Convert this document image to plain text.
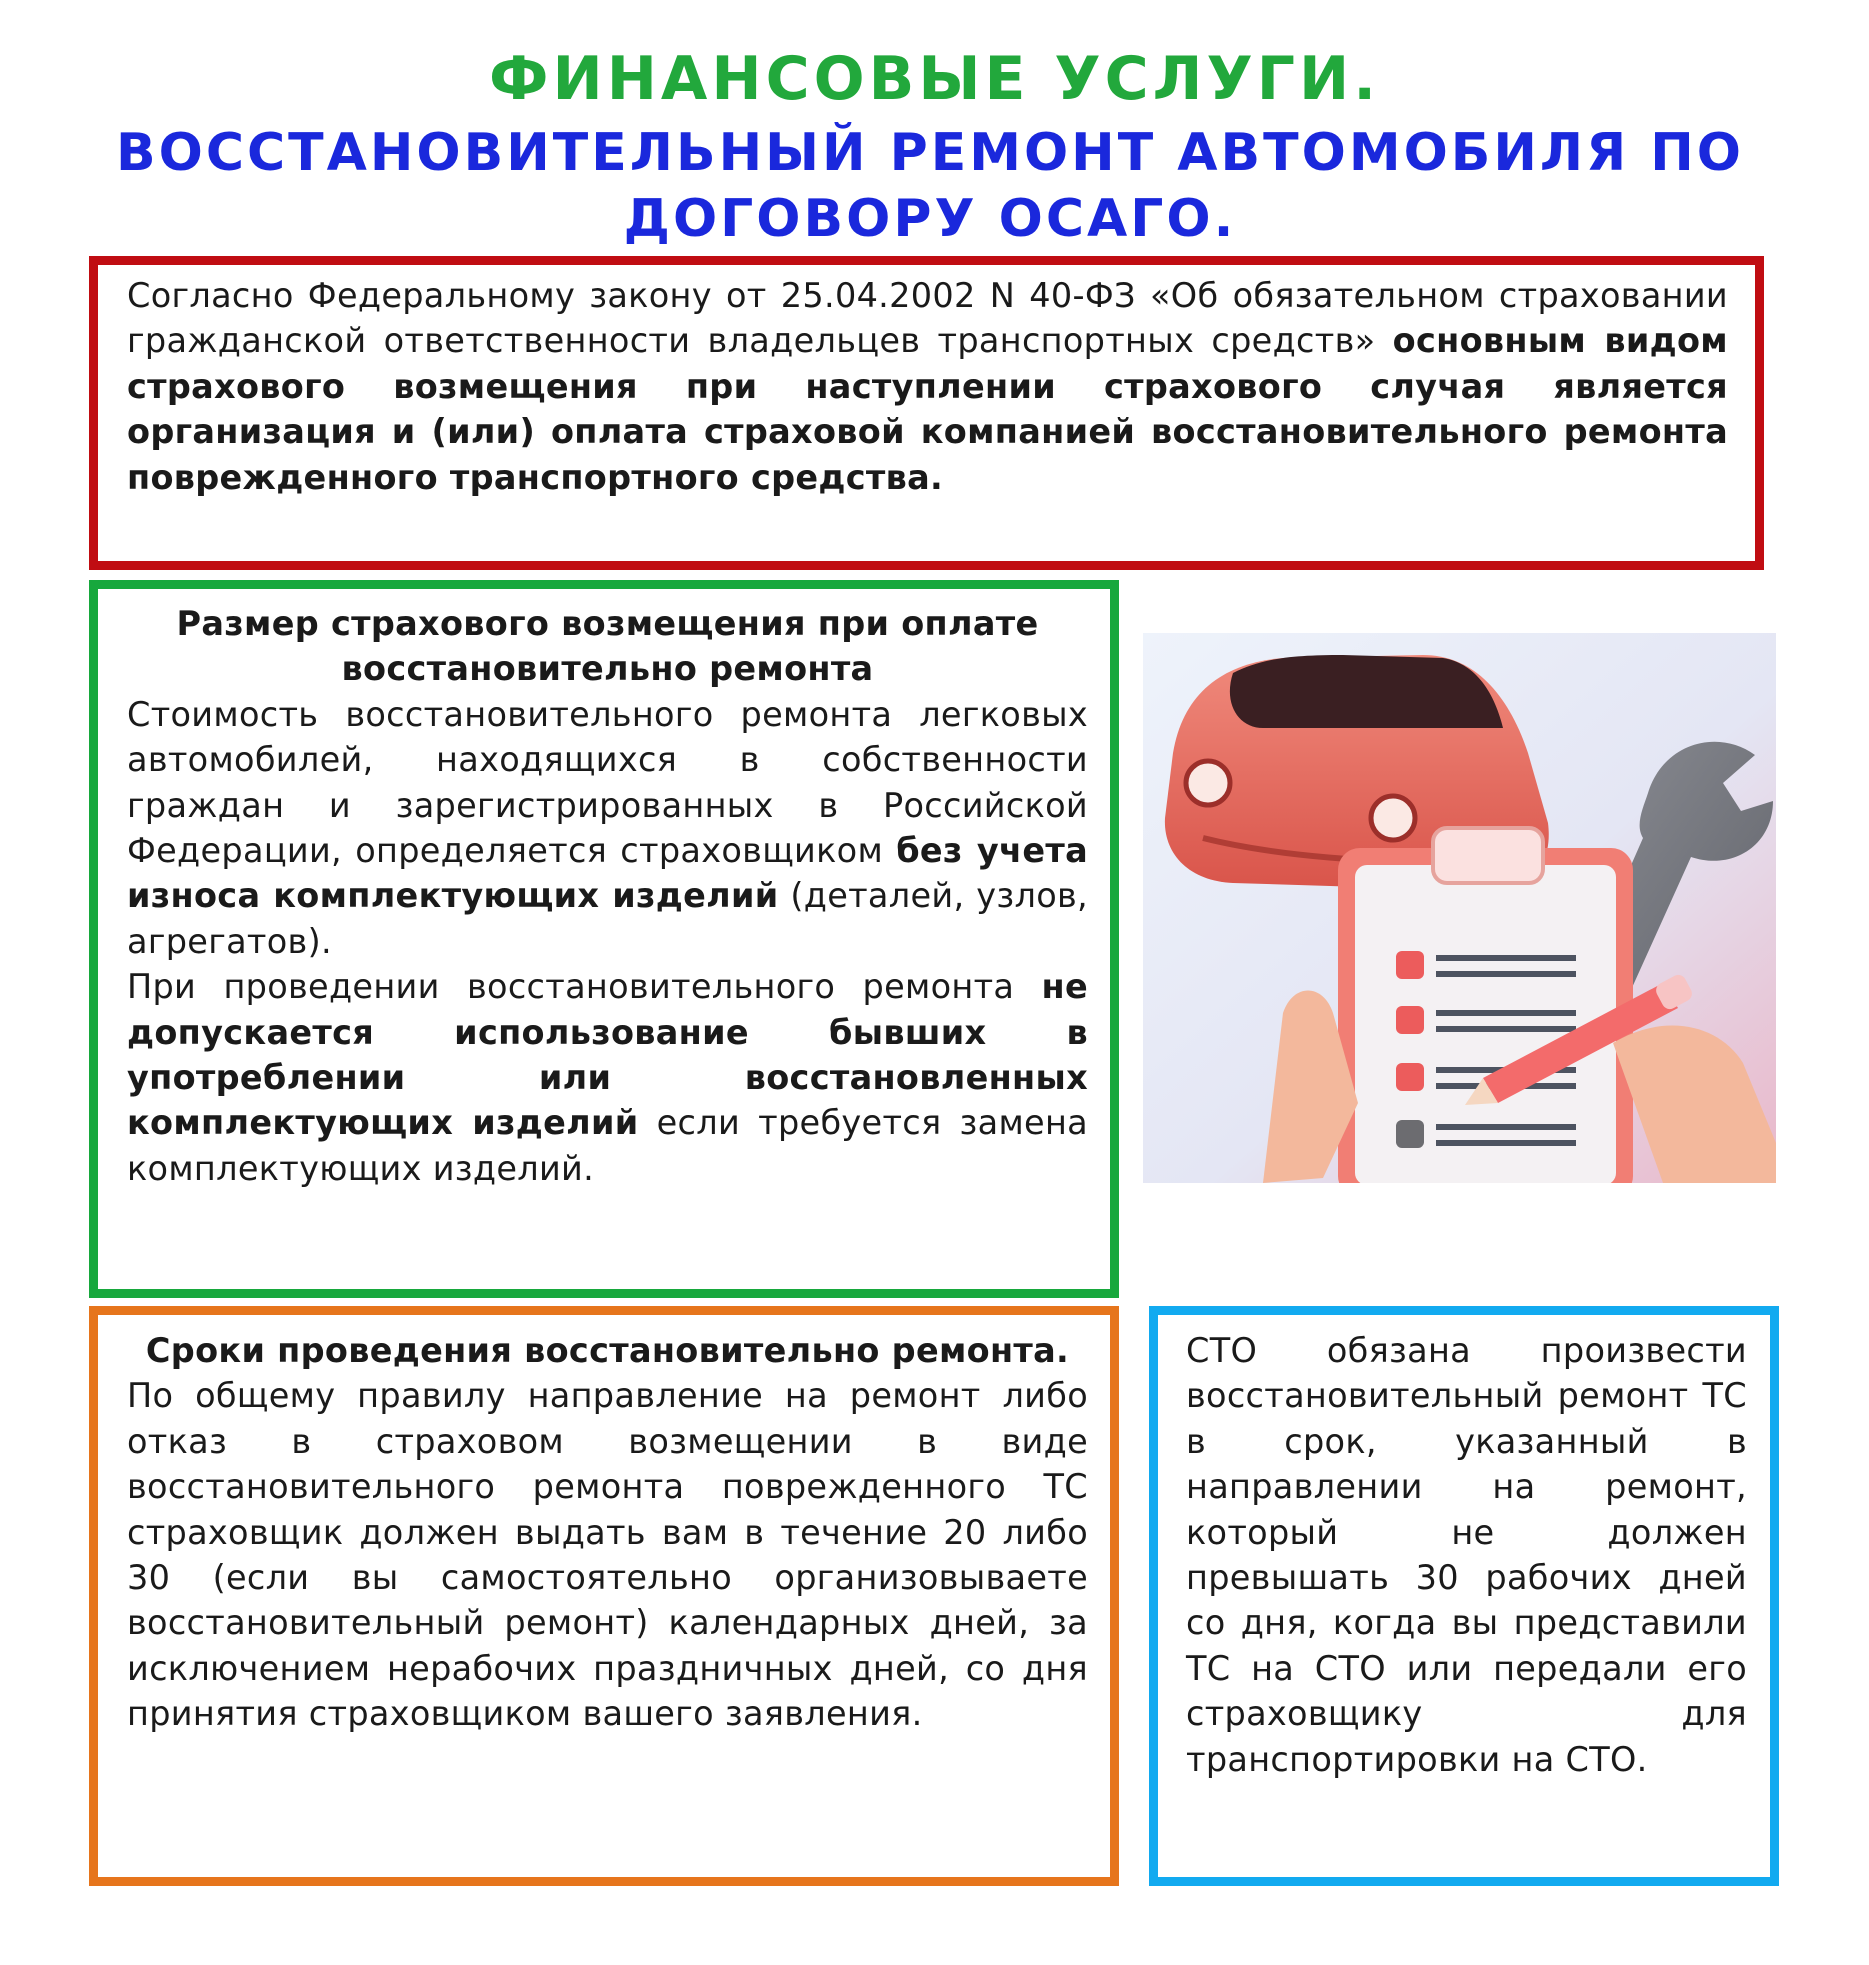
ФИНАНСОВЫЕ УСЛУГИ.
ВОССТАНОВИТЕЛЬНЫЙ РЕМОНТ АВТОМОБИЛЯ ПО ДОГОВОРУ ОСАГО.
Согласно Федеральному закону от 25.04.2002 N 40-ФЗ «Об обязательном страховании гражданской ответственности владельцев транспортных средств» основным видом страхового возмещения при наступлении страхового случая является организация и (или) оплата страховой компанией восстановительного ремонта поврежденного транспортного средства.
Размер страхового возмещения при оплате восстановительно ремонта
Стоимость восстановительного ремонта легковых автомобилей, находящихся в собственности граждан и зарегистрированных в Российской Федерации, определяется страховщиком без учета износа комплектующих изделий (деталей, узлов, агрегатов).
При проведении восстановительного ремонта не допускается использование бывших в употреблении или восстановленных комплектующих изделий если требуется замена комплектующих изделий.
Сроки проведения восстановительно ремонта.
По общему правилу направление на ремонт либо отказ в страховом возмещении в виде восстановительного ремонта поврежденного ТС страховщик должен выдать вам в течение 20 либо 30 (если вы самостоятельно организовываете восстановительный ремонт) календарных дней, за исключением нерабочих праздничных дней, со дня принятия страховщиком вашего заявления.
СТО обязана произвести восстановительный ремонт ТС в срок, указанный в направлении на ремонт, который не должен превышать 30 рабочих дней со дня, когда вы представили ТС на СТО или передали его страховщику для транспортировки на СТО.
